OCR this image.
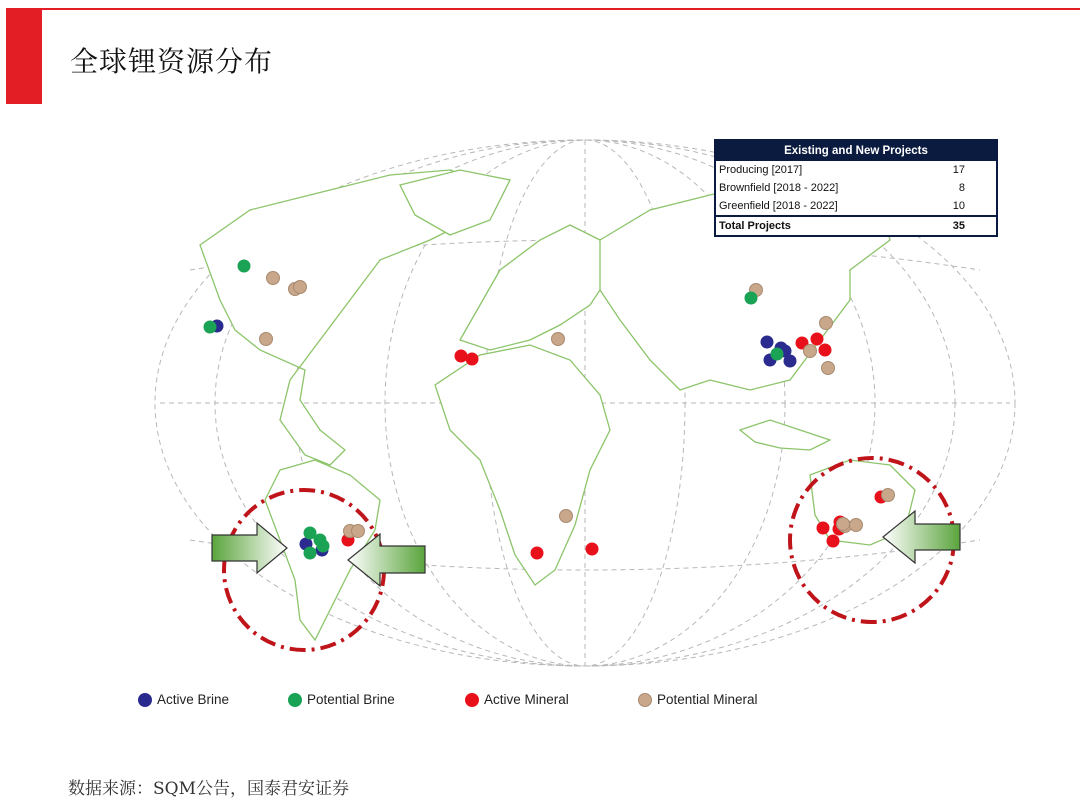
全球锂资源分布
Existing and New Projects
Producing [2017]	17
Brownfield [2018 - 2022]	8
Greenfield [2018 - 2022]	10
Total Projects	35
Active Brine	Potential Brine	Active Mineral	Potential Mineral
数据来源：SQM公告，国泰君安证券
